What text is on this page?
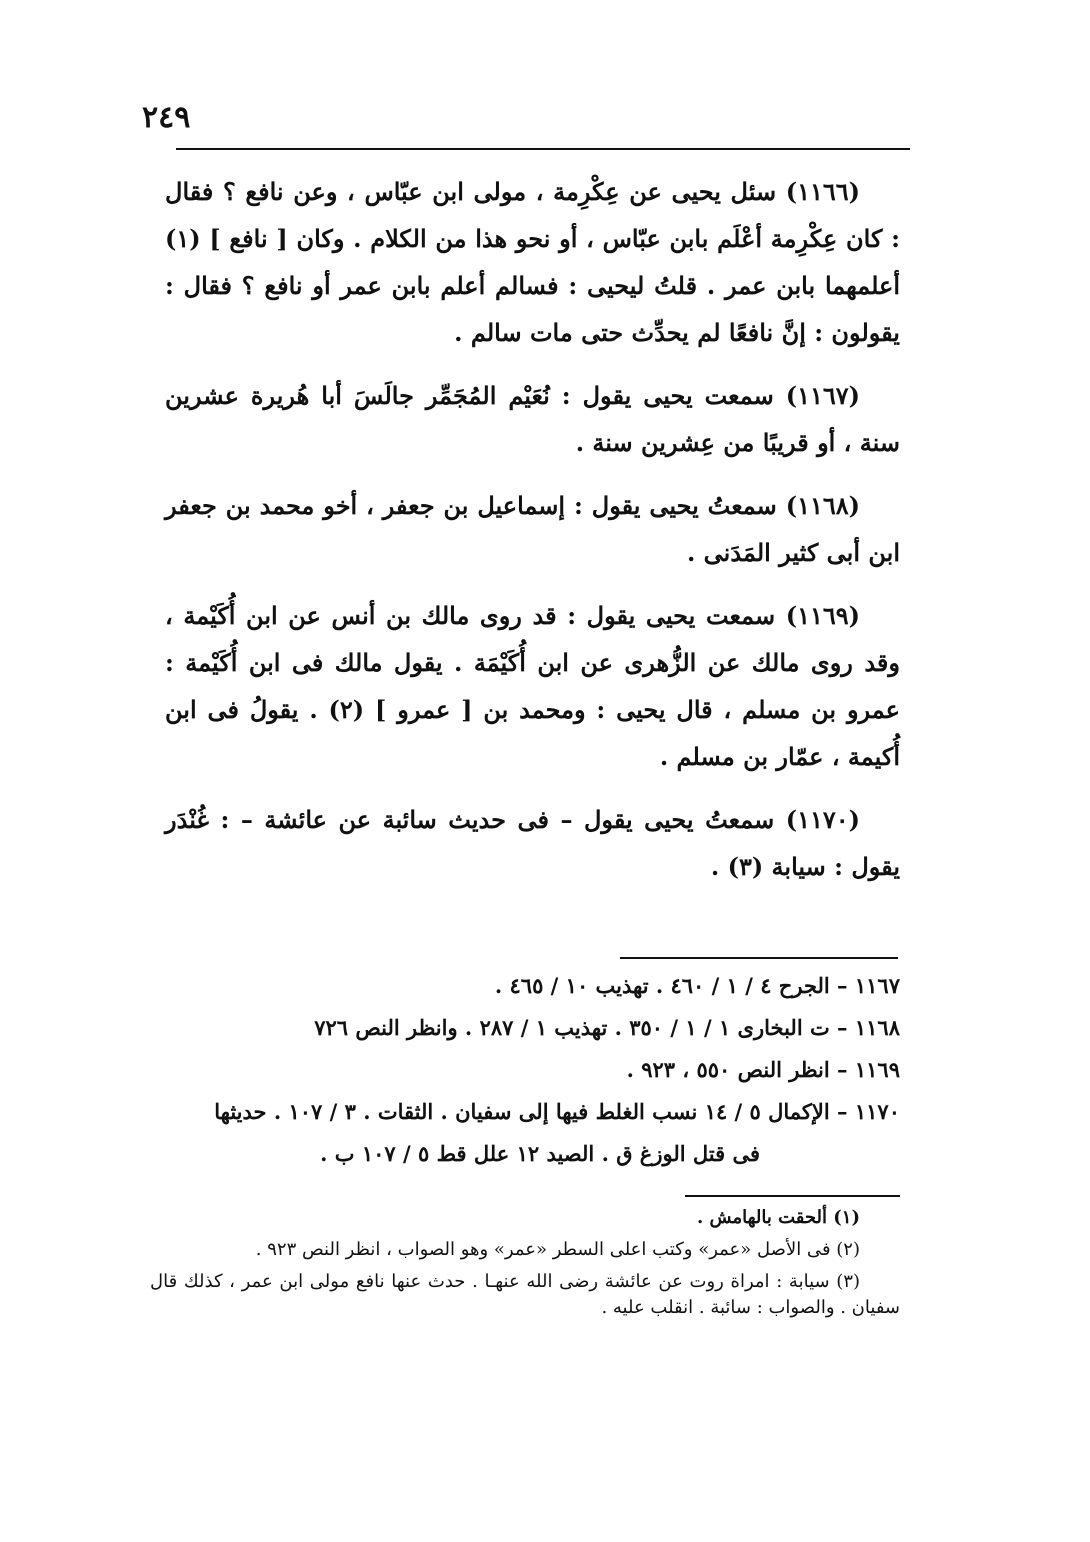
٢٤٩

(١١٦٦) سئل يحيى عن عِكْرِمة ، مولى ابن عبّاس ، وعن نافع ؟ فقال : كان عِكْرِمة أعْلَم بابن عبّاس ، أو نحو هذا من الكلام . وكان [ نافع ] (١) أعلمهما بابن عمر . قلتُ ليحيى : فسالم أعلم بابن عمر أو نافع ؟ فقال : يقولون : إنَّ نافعًا لم يحدِّث حتى مات سالم .

(١١٦٧) سمعت يحيى يقول : نُعَيْم المُجَمِّر جالَسَ أبا هُريرة عشرين سنة ، أو قريبًا من عِشرين سنة .

(١١٦٨) سمعتُ يحيى يقول : إسماعيل بن جعفر ، أخو محمد بن جعفر ابن أبى كثير المَدَنى .

(١١٦٩) سمعت يحيى يقول : قد روى مالك بن أنس عن ابن أُكَيْمة ، وقد روى مالك عن الزُّهرى عن ابن أُكَيْمَة . يقول مالك فى ابن أُكَيْمة : عمرو بن مسلم ، قال يحيى : ومحمد بن [ عمرو ] (٢) . يقولُ فى ابن أُكيمة ، عمّار بن مسلم .

(١١٧٠) سمعتُ يحيى يقول – فى حديث سائبة عن عائشة – : غُنْدَر يقول : سيابة (٣) .

١١٦٧ – الجرح ٤ / ١ / ٤٦٠ . تهذيب ١٠ / ٤٦٥ .

١١٦٨ – ت البخارى ١ / ١ / ٣٥٠ . تهذيب ١ / ٢٨٧ . وانظر النص ٧٢٦

١١٦٩ – انظر النص ٥٥٠ ، ٩٢٣ .

١١٧٠ – الإكمال ٥ / ١٤ نسب الغلط فيها إلى سفيان . الثقات . ٣ / ١٠٧ . حديثها

فى قتل الوزغ ق . الصيد ١٢ علل قط ٥ / ١٠٧ ب .

(١) ألحقت بالهامش .

(٢) فى الأصل «عمر» وكتب اعلى السطر «عمر» وهو الصواب ، انظر النص ٩٢٣ .

(٣) سيابة : امراة روت عن عائشة رضى الله عنهـا . حدث عنها نافع مولى ابن عمر ، كذلك قال سفيان . والصواب : سائبة . انقلب عليه .
